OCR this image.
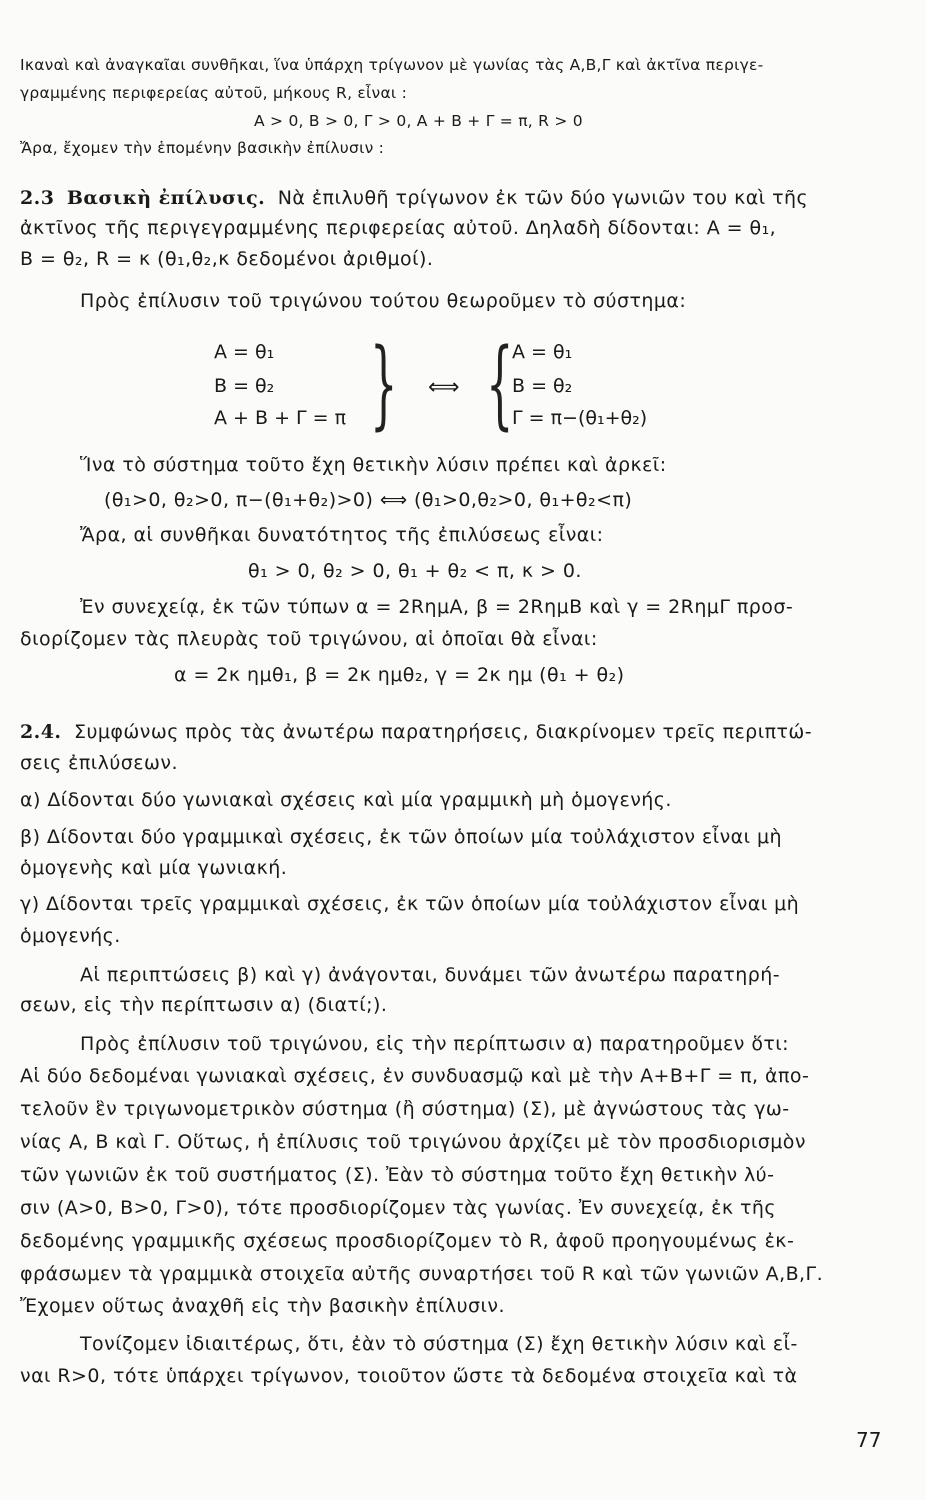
Ικαναὶ καὶ ἀναγκαῖαι συνθῆκαι, ἵνα ὑπάρχη τρίγωνον μὲ γωνίας τὰς Α,Β,Γ καὶ ἀκτῖνα περιγε-
γραμμένης περιφερείας αὐτοῦ, μήκους R, εἶναι :
Α > 0, Β > 0, Γ > 0, Α + Β + Γ = π, R > 0
Ἄρα, ἔχομεν τὴν ἑπομένην βασικὴν ἐπίλυσιν :
2.3 Βασικὴ ἐπίλυσις. Νὰ ἐπιλυθῆ τρίγωνον ἐκ τῶν δύο γωνιῶν του καὶ τῆς
ἀκτῖνος τῆς περιγεγραμμένης περιφερείας αὐτοῦ. Δηλαδὴ δίδονται: Α = θ₁,
Β = θ₂, R = κ (θ₁,θ₂,κ δεδομένοι ἀριθμοί).
Πρὸς ἐπίλυσιν τοῦ τριγώνου τούτου θεωροῦμεν τὸ σύστημα:
Α = θ₁
Β = θ₂
Α + Β + Γ = π } ⟺ {
Α = θ₁
Β = θ₂
Γ = π−(θ₁+θ₂)
Ἵνα τὸ σύστημα τοῦτο ἔχη θετικὴν λύσιν πρέπει καὶ ἀρκεῖ:
(θ₁>0, θ₂>0, π−(θ₁+θ₂)>0) ⟺ (θ₁>0,θ₂>0, θ₁+θ₂<π)
Ἄρα, αἱ συνθῆκαι δυνατότητος τῆς ἐπιλύσεως εἶναι:
θ₁ > 0, θ₂ > 0, θ₁ + θ₂ < π, κ > 0.
Ἐν συνεχείᾳ, ἐκ τῶν τύπων α = 2RημΑ, β = 2RημΒ καὶ γ = 2RημΓ προσ-
διορίζομεν τὰς πλευρὰς τοῦ τριγώνου, αἱ ὁποῖαι θὰ εἶναι:
α = 2κ ημθ₁, β = 2κ ημθ₂, γ = 2κ ημ (θ₁ + θ₂)
2.4. Συμφώνως πρὸς τὰς ἀνωτέρω παρατηρήσεις, διακρίνομεν τρεῖς περιπτώ-
σεις ἐπιλύσεων.
α) Δίδονται δύο γωνιακαὶ σχέσεις καὶ μία γραμμικὴ μὴ ὁμογενής.
β) Δίδονται δύο γραμμικαὶ σχέσεις, ἐκ τῶν ὁποίων μία τοὐλάχιστον εἶναι μὴ
ὁμογενὴς καὶ μία γωνιακή.
γ) Δίδονται τρεῖς γραμμικαὶ σχέσεις, ἐκ τῶν ὁποίων μία τοὐλάχιστον εἶναι μὴ
ὁμογενής.
Αἱ περιπτώσεις β) καὶ γ) ἀνάγονται, δυνάμει τῶν ἀνωτέρω παρατηρή-
σεων, εἰς τὴν περίπτωσιν α) (διατί;).
Πρὸς ἐπίλυσιν τοῦ τριγώνου, εἰς τὴν περίπτωσιν α) παρατηροῦμεν ὅτι:
Αἱ δύο δεδομέναι γωνιακαὶ σχέσεις, ἐν συνδυασμῷ καὶ μὲ τὴν Α+Β+Γ = π, ἀπο-
τελοῦν ἓν τριγωνομετρικὸν σύστημα (ἢ σύστημα) (Σ), μὲ ἀγνώστους τὰς γω-
νίας Α, Β καὶ Γ. Οὕτως, ἡ ἐπίλυσις τοῦ τριγώνου ἀρχίζει μὲ τὸν προσδιορισμὸν
τῶν γωνιῶν ἐκ τοῦ συστήματος (Σ). Ἐὰν τὸ σύστημα τοῦτο ἔχη θετικὴν λύ-
σιν (Α>0, Β>0, Γ>0), τότε προσδιορίζομεν τὰς γωνίας. Ἐν συνεχείᾳ, ἐκ τῆς
δεδομένης γραμμικῆς σχέσεως προσδιορίζομεν τὸ R, ἀφοῦ προηγουμένως ἐκ-
φράσωμεν τὰ γραμμικὰ στοιχεῖα αὐτῆς συναρτήσει τοῦ R καὶ τῶν γωνιῶν Α,Β,Γ.
Ἔχομεν οὕτως ἀναχθῆ εἰς τὴν βασικὴν ἐπίλυσιν.
Τονίζομεν ἰδιαιτέρως, ὅτι, ἐὰν τὸ σύστημα (Σ) ἔχη θετικὴν λύσιν καὶ εἶ-
ναι R>0, τότε ὑπάρχει τρίγωνον, τοιοῦτον ὥστε τὰ δεδομένα στοιχεῖα καὶ τὰ
77
